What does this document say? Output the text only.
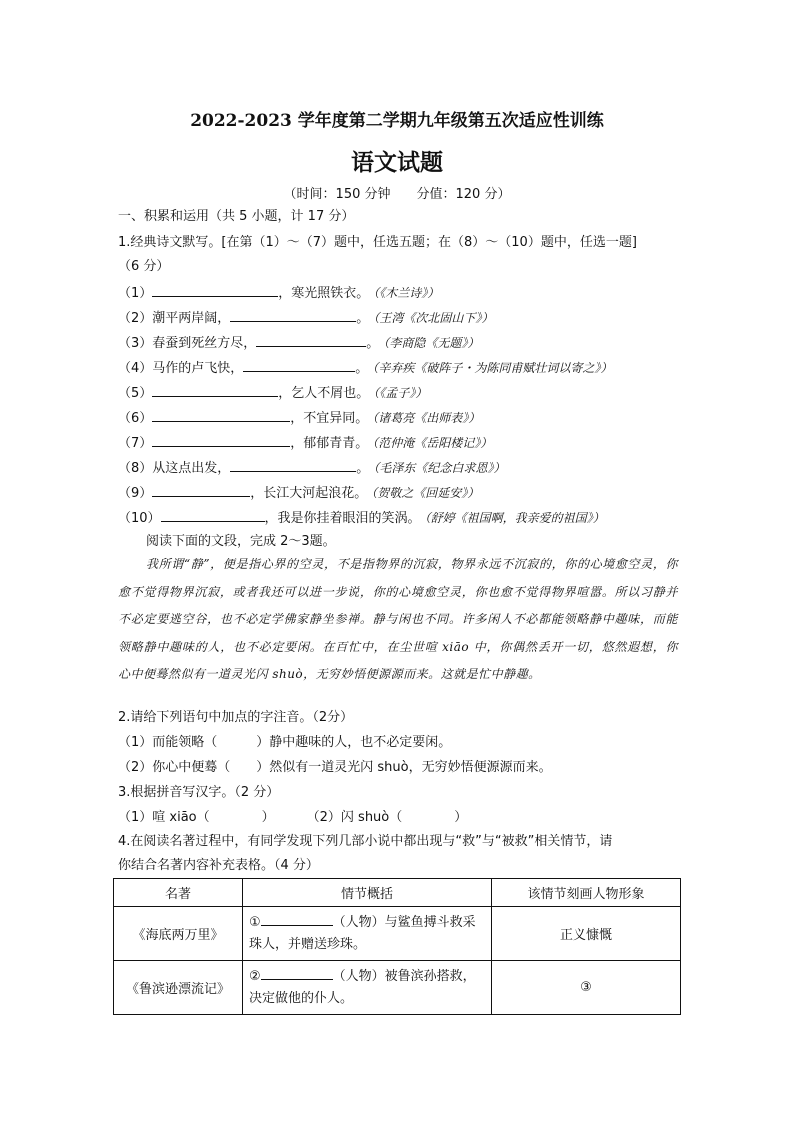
2022-2023 学年度第二学期九年级第五次适应性训练
语文试题
（时间：150 分钟 分值：120 分）
一、积累和运用（共 5 小题，计 17 分）
1.经典诗文默写。[在第（1）～（7）题中，任选五题；在（8）～（10）题中，任选一题]
（6 分）
（1）	，寒光照铁衣。 （《木兰诗》）
（2）潮平两岸阔，	。 （王湾《次北固山下》）
（3）春蚕到死丝方尽，	。 （李商隐《无题》）
（4）马作的卢飞快，	。 （辛弃疾《破阵子・为陈同甫赋壮词以寄之》）
（5）	，乞人不屑也。 （《孟子》）
（6）	，不宜异同。 （诸葛亮《出师表》）
（7）	，郁郁青青。 （范仲淹《岳阳楼记》）
（8）从这点出发，	。 （毛泽东《纪念白求恩》）
（9）	，长江大河起浪花。 （贺敬之《回延安》）
（10）	，我是你挂着眼泪的笑涡。 （舒婷《祖国啊，我亲爱的祖国》）
阅读下面的文段，完成 2～3题。
我所谓“静”，便是指心界的空灵，不是指物界的沉寂，物界永远不沉寂的，你的心境愈空灵，你愈不觉得物界沉寂，或者我还可以进一步说，你的心境愈空灵，你也愈不觉得物界喧嚣。所以习静并不必定要逃空谷，也不必定学佛家静坐参禅。静与闲也不同。许多闲人不必都能领略静中趣味，而能领略静中趣味的人，也不必定要闲。在百忙中，在尘世喧 xiāo 中，你偶然丢开一切，悠然遐想，你心中便蓦然似有一道灵光闪 shuò，无穷妙悟便源源而来。这就是忙中静趣。
2.请给下列语句中加点的字注音。（2分）
（1）而能领略（　　　）静中趣味的人，也不必定要闲。
（2）你心中便蓦（　　）然似有一道灵光闪 shuò，无穷妙悟便源源而来。
3.根据拼音写汉字。（2 分）
（1）喧 xiāo（　　　　） （2）闪 shuò（　　　　）
4.在阅读名著过程中，有同学发现下列几部小说中都出现与“救”与“被救”相关情节，请
你结合名著内容补充表格。（4 分）
名著	情节概括	该情节刻画人物形象
《海底两万里》	① （人物）与鲨鱼搏斗救采珠人，并赠送珍珠。	正义慷慨
《鲁滨逊漂流记》	② （人物）被鲁滨孙搭救，决定做他的仆人。	③
